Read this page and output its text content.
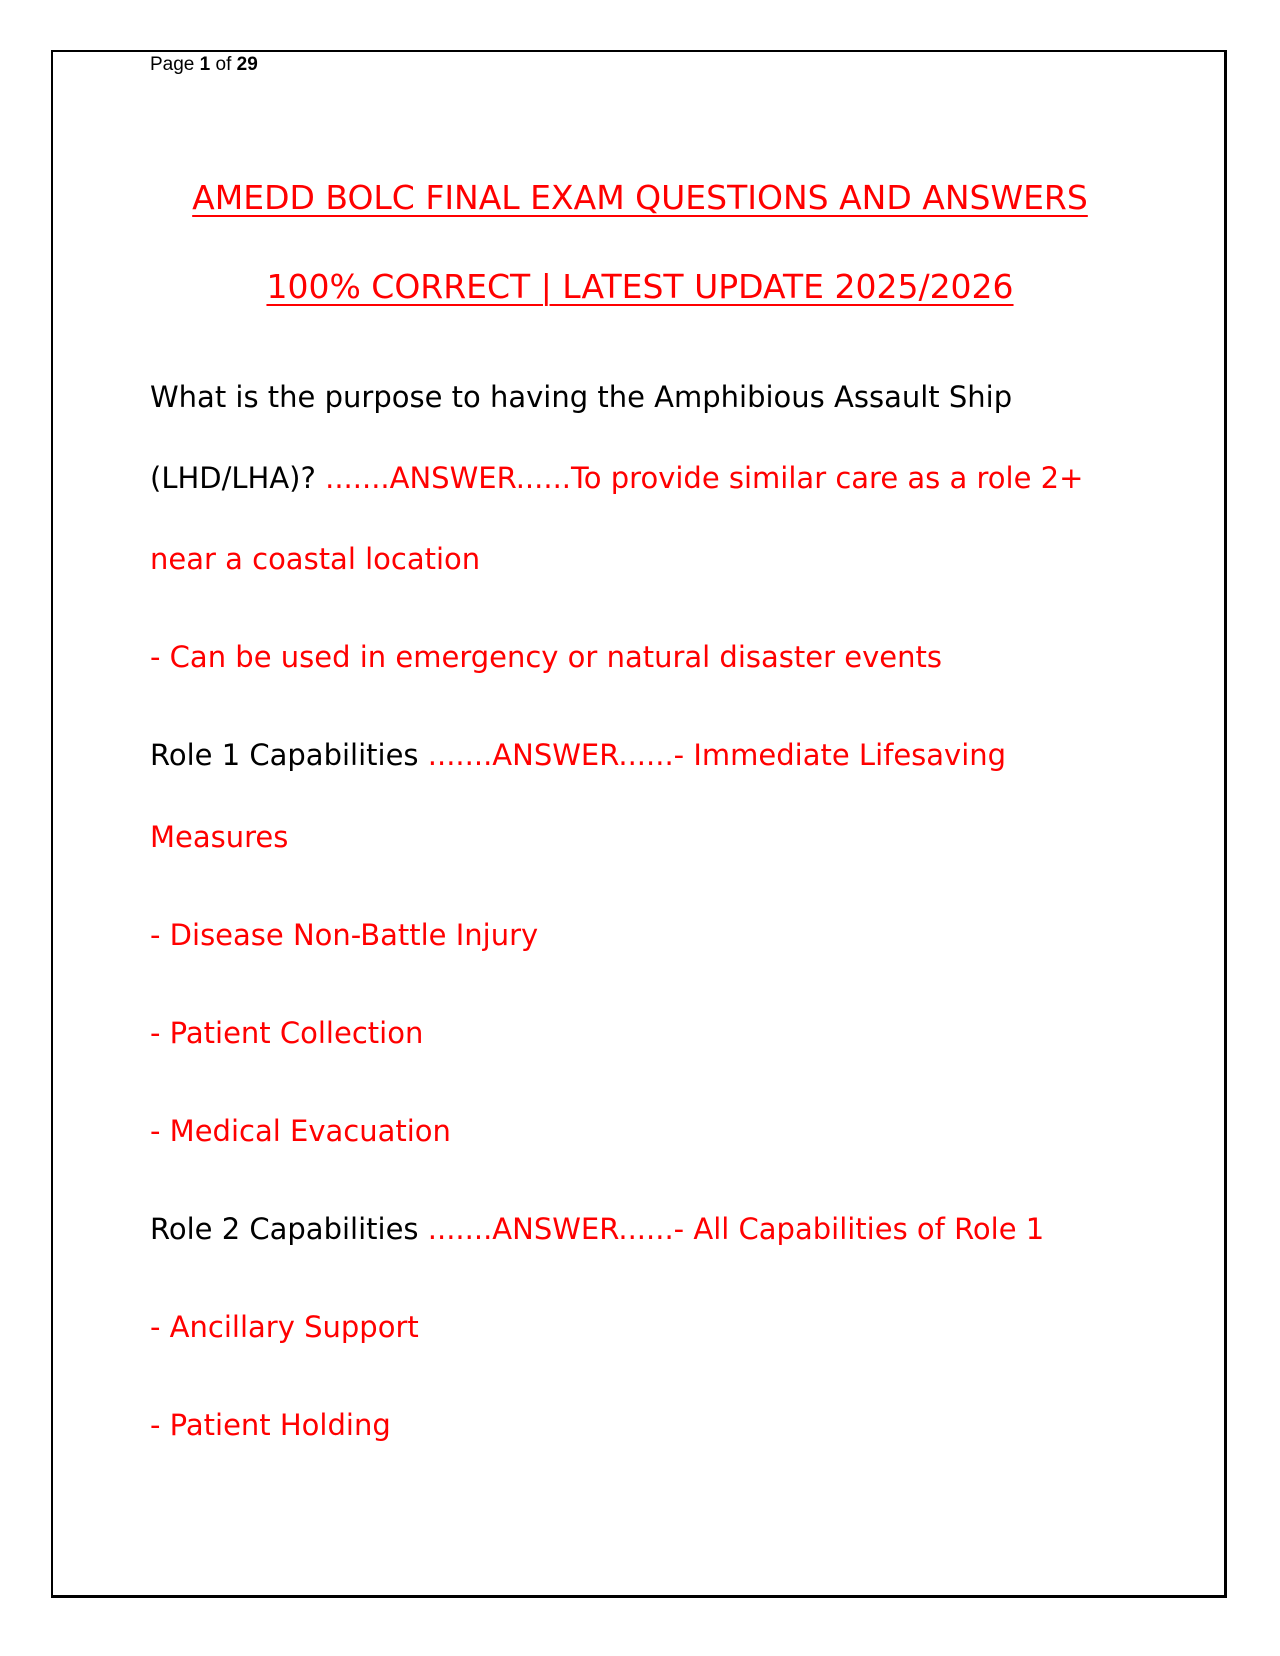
Page 1 of 29
AMEDD BOLC FINAL EXAM QUESTIONS AND ANSWERS
100% CORRECT | LATEST UPDATE 2025/2026
What is the purpose to having the Amphibious Assault Ship
(LHD/LHA)? .......ANSWER......To provide similar care as a role 2+
near a coastal location
- Can be used in emergency or natural disaster events
Role 1 Capabilities .......ANSWER......- Immediate Lifesaving
Measures
- Disease Non-Battle Injury
- Patient Collection
- Medical Evacuation
Role 2 Capabilities .......ANSWER......- All Capabilities of Role 1
- Ancillary Support
- Patient Holding
